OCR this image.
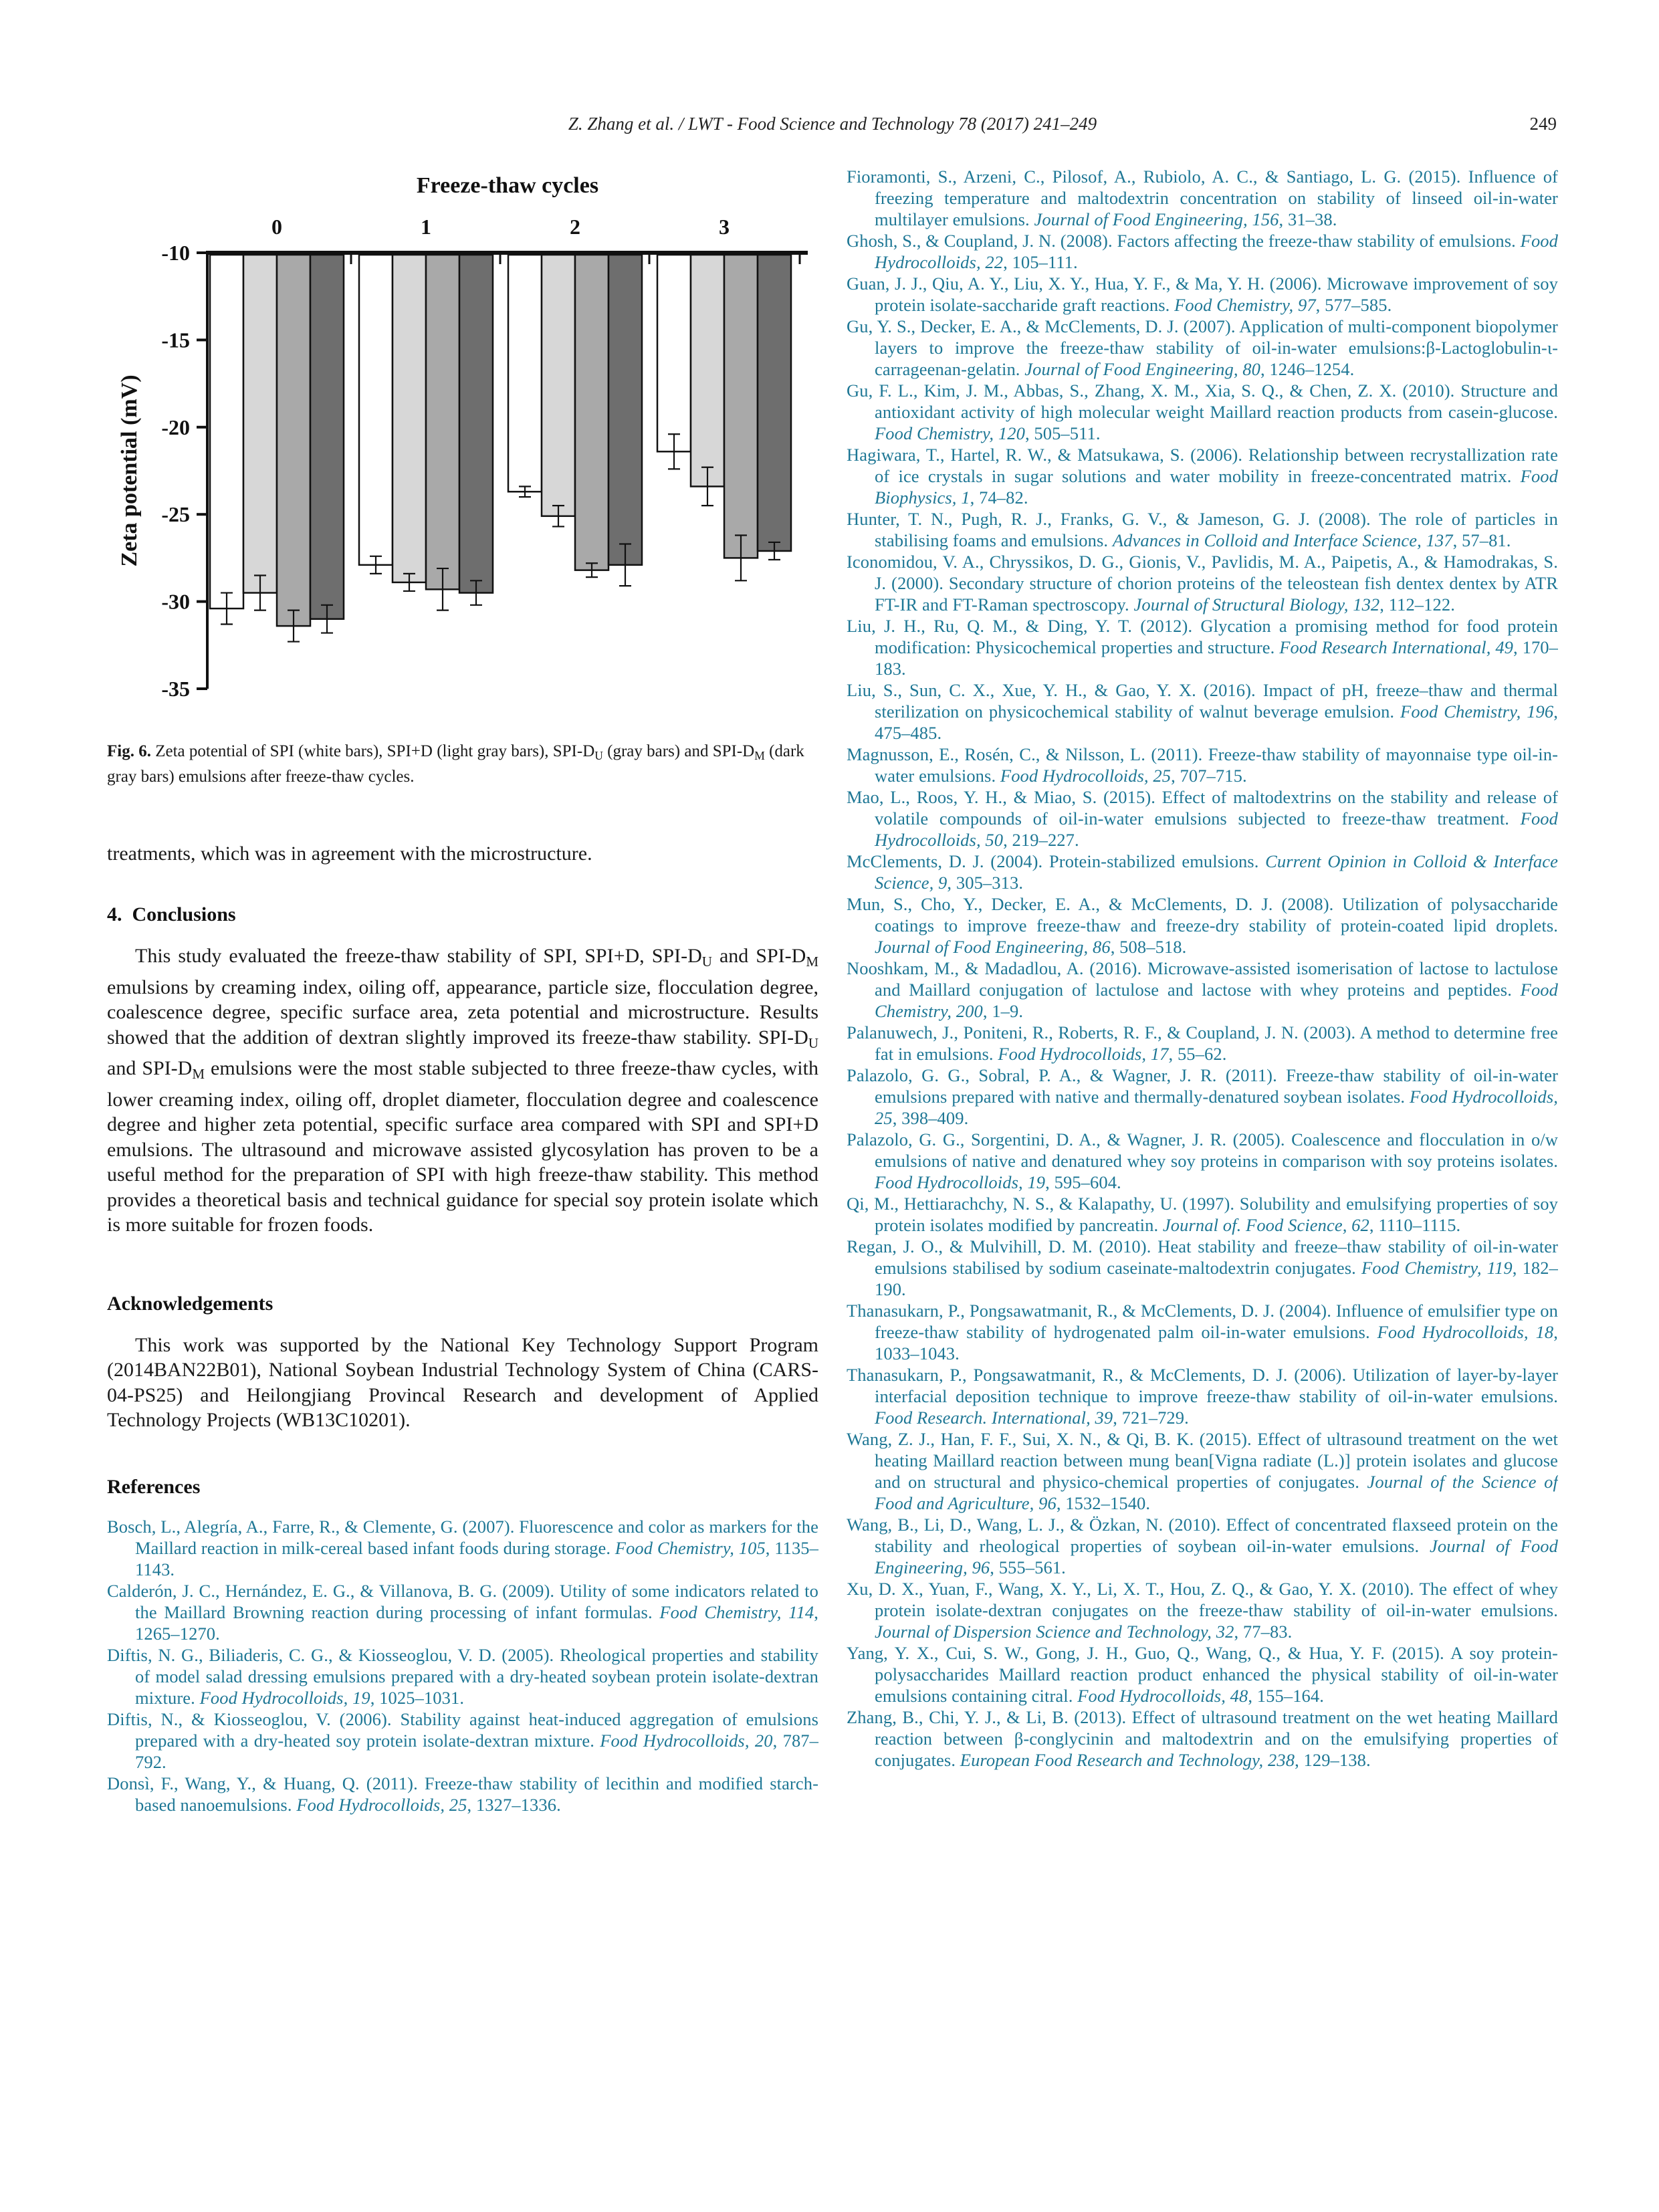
Z. Zhang et al. / LWT - Food Science and Technology 78 (2017) 241–249	249
Freeze-thaw cycles
0	1	2	3
-10
-15
-20
-25
-30
-35
Zeta potential (mV)
Fig. 6. Zeta potential of SPI (white bars), SPI+D (light gray bars), SPI-$D_U$ (gray bars) and SPI-$D_M$ (dark gray bars) emulsions after freeze-thaw cycles.

treatments, which was in agreement with the microstructure.

4.  Conclusions

This study evaluated the freeze-thaw stability of SPI, SPI+D, SPI-$D_U$ and SPI-$D_M$ emulsions by creaming index, oiling off, appearance, particle size, flocculation degree, coalescence degree, specific surface area, zeta potential and microstructure. Results showed that the addition of dextran slightly improved its freeze-thaw stability. SPI-$D_U$ and SPI-$D_M$ emulsions were the most stable subjected to three freeze-thaw cycles, with lower creaming index, oiling off, droplet diameter, flocculation degree and coalescence degree and higher zeta potential, specific surface area compared with SPI and SPI+D emulsions. The ultrasound and microwave assisted glycosylation has proven to be a useful method for the preparation of SPI with high freeze-thaw stability. This method provides a theoretical basis and technical guidance for special soy protein isolate which is more suitable for frozen foods.

Acknowledgements

This work was supported by the National Key Technology Support Program (2014BAN22B01), National Soybean Industrial Technology System of China (CARS-04-PS25) and Heilongjiang Provincal Research and development of Applied Technology Projects (WB13C10201).

References
Bosch, L., Alegría, A., Farre, R., & Clemente, G. (2007). Fluorescence and color as markers for the Maillard reaction in milk-cereal based infant foods during storage. Food Chemistry, 105, 1135–1143.
Calderón, J. C., Hernández, E. G., & Villanova, B. G. (2009). Utility of some indicators related to the Maillard Browning reaction during processing of infant formulas. Food Chemistry, 114, 1265–1270.
Diftis, N. G., Biliaderis, C. G., & Kiosseoglou, V. D. (2005). Rheological properties and stability of model salad dressing emulsions prepared with a dry-heated soybean protein isolate-dextran mixture. Food Hydrocolloids, 19, 1025–1031.
Diftis, N., & Kiosseoglou, V. (2006). Stability against heat-induced aggregation of emulsions prepared with a dry-heated soy protein isolate-dextran mixture. Food Hydrocolloids, 20, 787–792.
Donsì, F., Wang, Y., & Huang, Q. (2011). Freeze-thaw stability of lecithin and modified starch-based nanoemulsions. Food Hydrocolloids, 25, 1327–1336.
Fioramonti, S., Arzeni, C., Pilosof, A., Rubiolo, A. C., & Santiago, L. G. (2015). Influence of freezing temperature and maltodextrin concentration on stability of linseed oil-in-water multilayer emulsions. Journal of Food Engineering, 156, 31–38.
Ghosh, S., & Coupland, J. N. (2008). Factors affecting the freeze-thaw stability of emulsions. Food Hydrocolloids, 22, 105–111.
Guan, J. J., Qiu, A. Y., Liu, X. Y., Hua, Y. F., & Ma, Y. H. (2006). Microwave improvement of soy protein isolate-saccharide graft reactions. Food Chemistry, 97, 577–585.
Gu, Y. S., Decker, E. A., & McClements, D. J. (2007). Application of multi-component biopolymer layers to improve the freeze-thaw stability of oil-in-water emulsions:β-Lactoglobulin-ι-carrageenan-gelatin. Journal of Food Engineering, 80, 1246–1254.
Gu, F. L., Kim, J. M., Abbas, S., Zhang, X. M., Xia, S. Q., & Chen, Z. X. (2010). Structure and antioxidant activity of high molecular weight Maillard reaction products from casein-glucose. Food Chemistry, 120, 505–511.
Hagiwara, T., Hartel, R. W., & Matsukawa, S. (2006). Relationship between recrystallization rate of ice crystals in sugar solutions and water mobility in freeze-concentrated matrix. Food Biophysics, 1, 74–82.
Hunter, T. N., Pugh, R. J., Franks, G. V., & Jameson, G. J. (2008). The role of particles in stabilising foams and emulsions. Advances in Colloid and Interface Science, 137, 57–81.
Iconomidou, V. A., Chryssikos, D. G., Gionis, V., Pavlidis, M. A., Paipetis, A., & Hamodrakas, S. J. (2000). Secondary structure of chorion proteins of the teleostean fish dentex dentex by ATR FT-IR and FT-Raman spectroscopy. Journal of Structural Biology, 132, 112–122.
Liu, J. H., Ru, Q. M., & Ding, Y. T. (2012). Glycation a promising method for food protein modification: Physicochemical properties and structure. Food Research International, 49, 170–183.
Liu, S., Sun, C. X., Xue, Y. H., & Gao, Y. X. (2016). Impact of pH, freeze–thaw and thermal sterilization on physicochemical stability of walnut beverage emulsion. Food Chemistry, 196, 475–485.
Magnusson, E., Rosén, C., & Nilsson, L. (2011). Freeze-thaw stability of mayonnaise type oil-in-water emulsions. Food Hydrocolloids, 25, 707–715.
Mao, L., Roos, Y. H., & Miao, S. (2015). Effect of maltodextrins on the stability and release of volatile compounds of oil-in-water emulsions subjected to freeze-thaw treatment. Food Hydrocolloids, 50, 219–227.
McClements, D. J. (2004). Protein-stabilized emulsions. Current Opinion in Colloid & Interface Science, 9, 305–313.
Mun, S., Cho, Y., Decker, E. A., & McClements, D. J. (2008). Utilization of polysaccharide coatings to improve freeze-thaw and freeze-dry stability of protein-coated lipid droplets. Journal of Food Engineering, 86, 508–518.
Nooshkam, M., & Madadlou, A. (2016). Microwave-assisted isomerisation of lactose to lactulose and Maillard conjugation of lactulose and lactose with whey proteins and peptides. Food Chemistry, 200, 1–9.
Palanuwech, J., Poniteni, R., Roberts, R. F., & Coupland, J. N. (2003). A method to determine free fat in emulsions. Food Hydrocolloids, 17, 55–62.
Palazolo, G. G., Sobral, P. A., & Wagner, J. R. (2011). Freeze-thaw stability of oil-in-water emulsions prepared with native and thermally-denatured soybean isolates. Food Hydrocolloids, 25, 398–409.
Palazolo, G. G., Sorgentini, D. A., & Wagner, J. R. (2005). Coalescence and flocculation in o/w emulsions of native and denatured whey soy proteins in comparison with soy proteins isolates. Food Hydrocolloids, 19, 595–604.
Qi, M., Hettiarachchy, N. S., & Kalapathy, U. (1997). Solubility and emulsifying properties of soy protein isolates modified by pancreatin. Journal of. Food Science, 62, 1110–1115.
Regan, J. O., & Mulvihill, D. M. (2010). Heat stability and freeze–thaw stability of oil-in-water emulsions stabilised by sodium caseinate-maltodextrin conjugates. Food Chemistry, 119, 182–190.
Thanasukarn, P., Pongsawatmanit, R., & McClements, D. J. (2004). Influence of emulsifier type on freeze-thaw stability of hydrogenated palm oil-in-water emulsions. Food Hydrocolloids, 18, 1033–1043.
Thanasukarn, P., Pongsawatmanit, R., & McClements, D. J. (2006). Utilization of layer-by-layer interfacial deposition technique to improve freeze-thaw stability of oil-in-water emulsions. Food Research. International, 39, 721–729.
Wang, Z. J., Han, F. F., Sui, X. N., & Qi, B. K. (2015). Effect of ultrasound treatment on the wet heating Maillard reaction between mung bean[Vigna radiate (L.)] protein isolates and glucose and on structural and physico-chemical properties of conjugates. Journal of the Science of Food and Agriculture, 96, 1532–1540.
Wang, B., Li, D., Wang, L. J., & Özkan, N. (2010). Effect of concentrated flaxseed protein on the stability and rheological properties of soybean oil-in-water emulsions. Journal of Food Engineering, 96, 555–561.
Xu, D. X., Yuan, F., Wang, X. Y., Li, X. T., Hou, Z. Q., & Gao, Y. X. (2010). The effect of whey protein isolate-dextran conjugates on the freeze-thaw stability of oil-in-water emulsions. Journal of Dispersion Science and Technology, 32, 77–83.
Yang, Y. X., Cui, S. W., Gong, J. H., Guo, Q., Wang, Q., & Hua, Y. F. (2015). A soy protein-polysaccharides Maillard reaction product enhanced the physical stability of oil-in-water emulsions containing citral. Food Hydrocolloids, 48, 155–164.
Zhang, B., Chi, Y. J., & Li, B. (2013). Effect of ultrasound treatment on the wet heating Maillard reaction between β-conglycinin and maltodextrin and on the emulsifying properties of conjugates. European Food Research and Technology, 238, 129–138.
